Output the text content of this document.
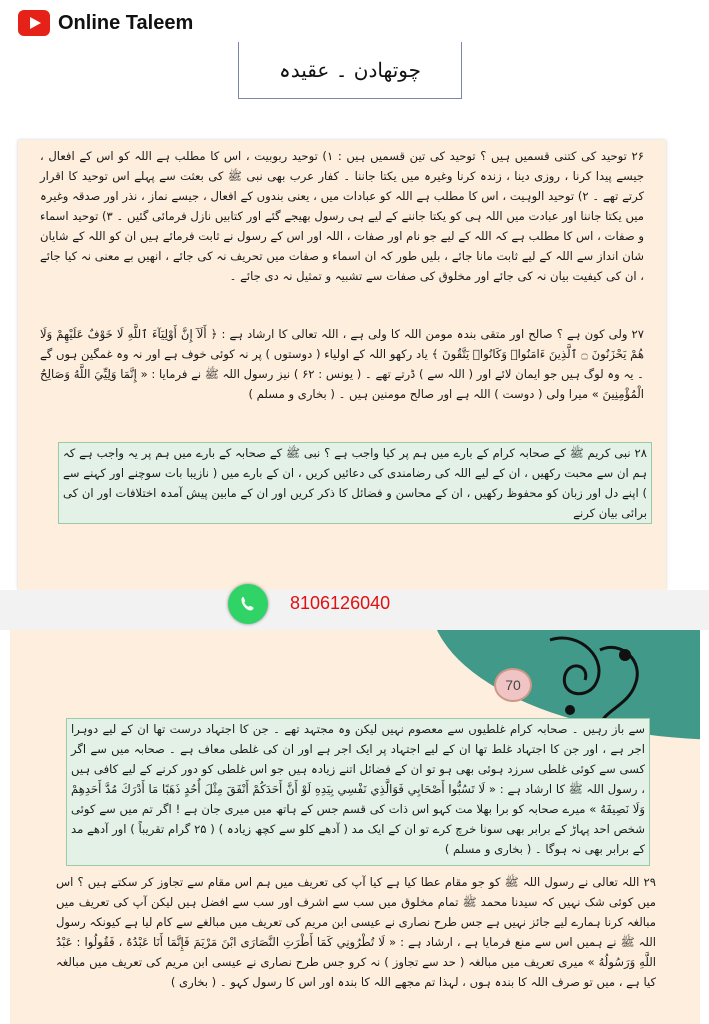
Online Taleem
چوتھادن ۔ عقیدہ
۲۶ توحید کی کتنی قسمیں ہیں ؟ توحید کی تین قسمیں ہیں : ۱) توحید ربوبیت ، اس کا مطلب ہے اللہ کو اس کے افعال ، جیسے پیدا کرنا ، روزی دینا ، زندہ کرنا وغیرہ میں یکتا جاننا ۔ کفار عرب بھی نبی ﷺ کی بعثت سے پہلے اس توحید کا اقرار کرتے تھے ۔ ۲) توحید الوہیت ، اس کا مطلب ہے اللہ کو عبادات میں ، یعنی بندوں کے افعال ، جیسے نماز ، نذر اور صدقہ وغیرہ میں یکتا جاننا اور عبادت میں اللہ ہی کو یکتا جاننے کے لیے ہی رسول بھیجے گئے اور کتابیں نازل فرمائی گئیں ۔ ۳) توحید اسماء و صفات ، اس کا مطلب ہے کہ اللہ کے لیے جو نام اور صفات ، اللہ اور اس کے رسول نے ثابت فرمائے ہیں ان کو اللہ کے شایان شان انداز سے اللہ کے لیے ثابت مانا جائے ، بلیں طور کہ ان اسماء و صفات میں تحریف نہ کی جائے ، انھیں بے معنی نہ کیا جائے ، ان کی کیفیت بیان نہ کی جائے اور مخلوق کی صفات سے تشبیہ و تمثیل نہ دی جائے ۔
۲۷ ولی کون ہے ؟ صالح اور متقی بندہ مومن اللہ کا ولی ہے ، اللہ تعالی کا ارشاد ہے : ﴿ أَلَآ إِنَّ أَوْلِيَآءَ ٱللَّهِ لَا خَوْفٌ عَلَيْهِمْ وَلَا هُمْ يَحْزَنُونَ ۝ ٱلَّذِينَ ءَامَنُوا۟ وَكَانُوا۟ يَتَّقُونَ ﴾ یاد رکھو اللہ کے اولیاء ( دوستوں ) پر نہ کوئی خوف ہے اور نہ وہ غمگین ہوں گے ۔ یہ وہ لوگ ہیں جو ایمان لائے اور ( اللہ سے ) ڈرتے تھے ۔ ( یونس : ۶۲ ) نیز رسول اللہ ﷺ نے فرمایا : « إِنَّمَا وَلِيِّيَ اللَّهُ وَصَالِحُ الْمُؤْمِنِينَ » میرا ولی ( دوست ) اللہ ہے اور صالح مومنین ہیں ۔ ( بخاری و مسلم )
۲۸ نبی کریم ﷺ کے صحابہ کرام کے بارے میں ہم پر کیا واجب ہے ؟ نبی ﷺ کے صحابہ کے بارے میں ہم پر یہ واجب ہے کہ ہم ان سے محبت رکھیں ، ان کے لیے اللہ کی رضامندی کی دعائیں کریں ، ان کے بارے میں ( نازیبا بات سوچنے اور کہنے سے ) اپنے دل اور زبان کو محفوظ رکھیں ، ان کے محاسن و فضائل کا ذکر کریں اور ان کے مابین پیش آمدہ اختلافات اور ان کی برائی بیان کرنے
8106126040
70
سے باز رہیں ۔ صحابہ کرام غلطیوں سے معصوم نہیں لیکن وہ مجتہد تھے ۔ جن کا اجتہاد درست تھا ان کے لیے دوہرا اجر ہے ، اور جن کا اجتہاد غلط تھا ان کے لیے اجتہاد پر ایک اجر ہے اور ان کی غلطی معاف ہے ۔ صحابہ میں سے اگر کسی سے کوئی غلطی سرزد ہوئی بھی ہو تو ان کے فضائل اتنے زیادہ ہیں جو اس غلطی کو دور کرنے کے لیے کافی ہیں ، رسول اللہ ﷺ کا ارشاد ہے : « لَا تَسُبُّوا أَصْحَابِي فَوَالَّذِي نَفْسِي بِيَدِهِ لَوْ أَنَّ أَحَدَكُمْ أَنْفَقَ مِثْلَ أُحُدٍ ذَهَبًا مَا أَدْرَكَ مُدَّ أَحَدِهِمْ وَلَا نَصِيفَهُ » میرے صحابہ کو برا بھلا مت کہو اس ذات کی قسم جس کے ہاتھ میں میری جان ہے ! اگر تم میں سے کوئی شخص احد پہاڑ کے برابر بھی سونا خرچ کرے تو ان کے ایک مد ( آدھے کلو سے کچھ زیادہ ) ( ۲۵ گرام تقریباً ) اور آدھے مد کے برابر بھی نہ ہوگا ۔ ( بخاری و مسلم )
۲۹ اللہ تعالی نے رسول اللہ ﷺ کو جو مقام عطا کیا ہے کیا آپ کی تعریف میں ہم اس مقام سے تجاوز کر سکتے ہیں ؟ اس میں کوئی شک نہیں کہ سیدنا محمد ﷺ تمام مخلوق میں سب سے اشرف اور سب سے افضل ہیں لیکن آپ کی تعریف میں مبالغہ کرنا ہمارے لیے جائز نہیں ہے جس طرح نصاری نے عیسی ابن مریم کی تعریف میں مبالغے سے کام لیا ہے کیونکہ رسول اللہ ﷺ نے ہمیں اس سے منع فرمایا ہے ، ارشاد ہے : « لَا تُطْرُونِي كَمَا أَطْرَتِ النَّصَارَى ابْنَ مَرْيَمَ فَإِنَّمَا أَنَا عَبْدُهُ ، فَقُولُوا : عَبْدُ اللَّهِ وَرَسُولُهُ » میری تعریف میں مبالغہ ( حد سے تجاوز ) نہ کرو جس طرح نصاری نے عیسی ابن مریم کی تعریف میں مبالغہ کیا ہے ، میں تو صرف اللہ کا بندہ ہوں ، لہذا تم مجھے اللہ کا بندہ اور اس کا رسول کہو ۔ ( بخاری )
